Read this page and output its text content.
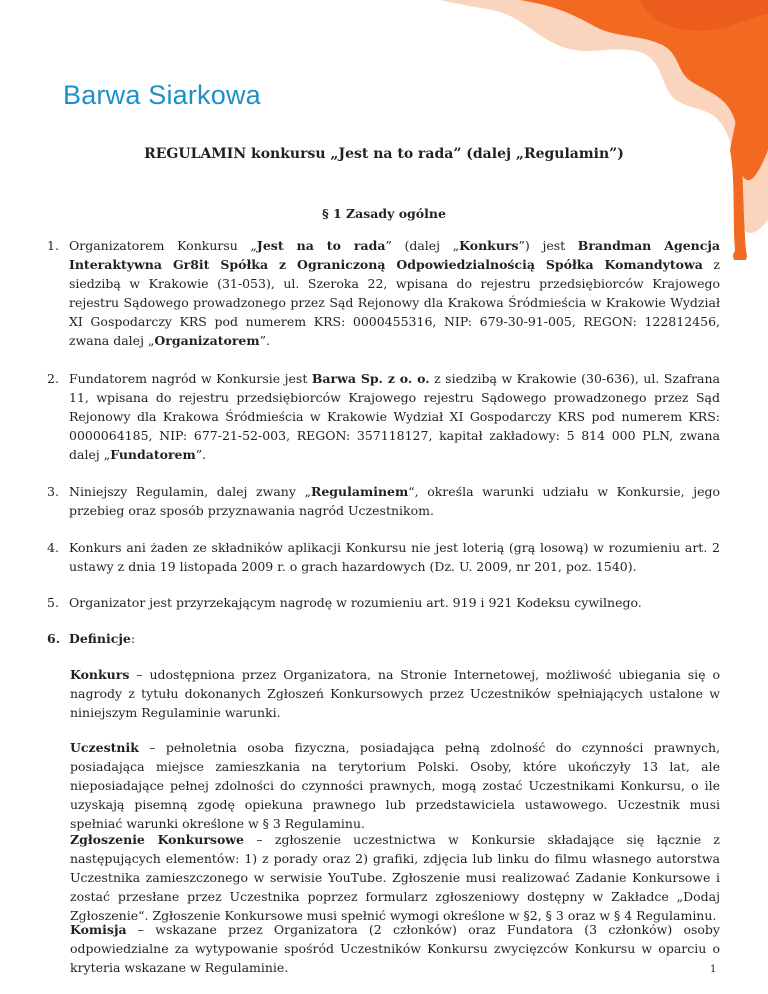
Barwa Siarkowa
REGULAMIN konkursu „Jest na to rada” (dalej „Regulamin”)
§ 1 Zasady ogólne
1. Organizatorem Konkursu „Jest na to rada” (dalej „Konkurs”) jest Brandman Agencja Interaktywna Gr8it Spółka z Ograniczoną Odpowiedzialnością Spółka Komandytowa z siedzibą w Krakowie (31-053), ul. Szeroka 22, wpisana do rejestru przedsiębiorców Krajowego rejestru Sądowego prowadzonego przez Sąd Rejonowy dla Krakowa Śródmieścia w Krakowie Wydział XI Gospodarczy KRS pod numerem KRS: 0000455316, NIP: 679-30-91-005, REGON: 122812456, zwana dalej „Organizatorem”.
2. Fundatorem nagród w Konkursie jest Barwa Sp. z o. o. z siedzibą w Krakowie (30-636), ul. Szafrana 11, wpisana do rejestru przedsiębiorców Krajowego rejestru Sądowego prowadzonego przez Sąd Rejonowy dla Krakowa Śródmieścia w Krakowie Wydział XI Gospodarczy KRS pod numerem KRS: 0000064185, NIP: 677-21-52-003, REGON: 357118127, kapitał zakładowy: 5 814 000 PLN, zwana dalej „Fundatorem”.
3. Niniejszy Regulamin, dalej zwany „Regulaminem“, określa warunki udziału w Konkursie, jego przebieg oraz sposób przyznawania nagród Uczestnikom.
4. Konkurs ani żaden ze składników aplikacji Konkursu nie jest loterią (grą losową) w rozumieniu art. 2 ustawy z dnia 19 listopada 2009 r. o grach hazardowych (Dz. U. 2009, nr 201, poz. 1540).
5. Organizator jest przyrzekającym nagrodę w rozumieniu art. 919 i 921 Kodeksu cywilnego.
6. Definicje:
Konkurs – udostępniona przez Organizatora, na Stronie Internetowej, możliwość ubiegania się o nagrody z tytułu dokonanych Zgłoszeń Konkursowych przez Uczestników spełniających ustalone w niniejszym Regulaminie warunki.
Uczestnik – pełnoletnia osoba fizyczna, posiadająca pełną zdolność do czynności prawnych, posiadająca miejsce zamieszkania na terytorium Polski. Osoby, które ukończyły 13 lat, ale nieposiadające pełnej zdolności do czynności prawnych, mogą zostać Uczestnikami Konkursu, o ile uzyskają pisemną zgodę opiekuna prawnego lub przedstawiciela ustawowego. Uczestnik musi spełniać warunki określone w § 3 Regulaminu.
Zgłoszenie Konkursowe – zgłoszenie uczestnictwa w Konkursie składające się łącznie z następujących elementów: 1) z porady oraz 2) grafiki, zdjęcia lub linku do filmu własnego autorstwa Uczestnika zamieszczonego w serwisie YouTube. Zgłoszenie musi realizować Zadanie Konkursowe i zostać przesłane przez Uczestnika poprzez formularz zgłoszeniowy dostępny w Zakładce „Dodaj Zgłoszenie“. Zgłoszenie Konkursowe musi spełnić wymogi określone w §2, § 3 oraz w § 4 Regulaminu.
Komisja – wskazane przez Organizatora (2 członków) oraz Fundatora (3 członków) osoby odpowiedzialne za wytypowanie spośród Uczestników Konkursu zwycięzców Konkursu w oparciu o kryteria wskazane w Regulaminie.	1
